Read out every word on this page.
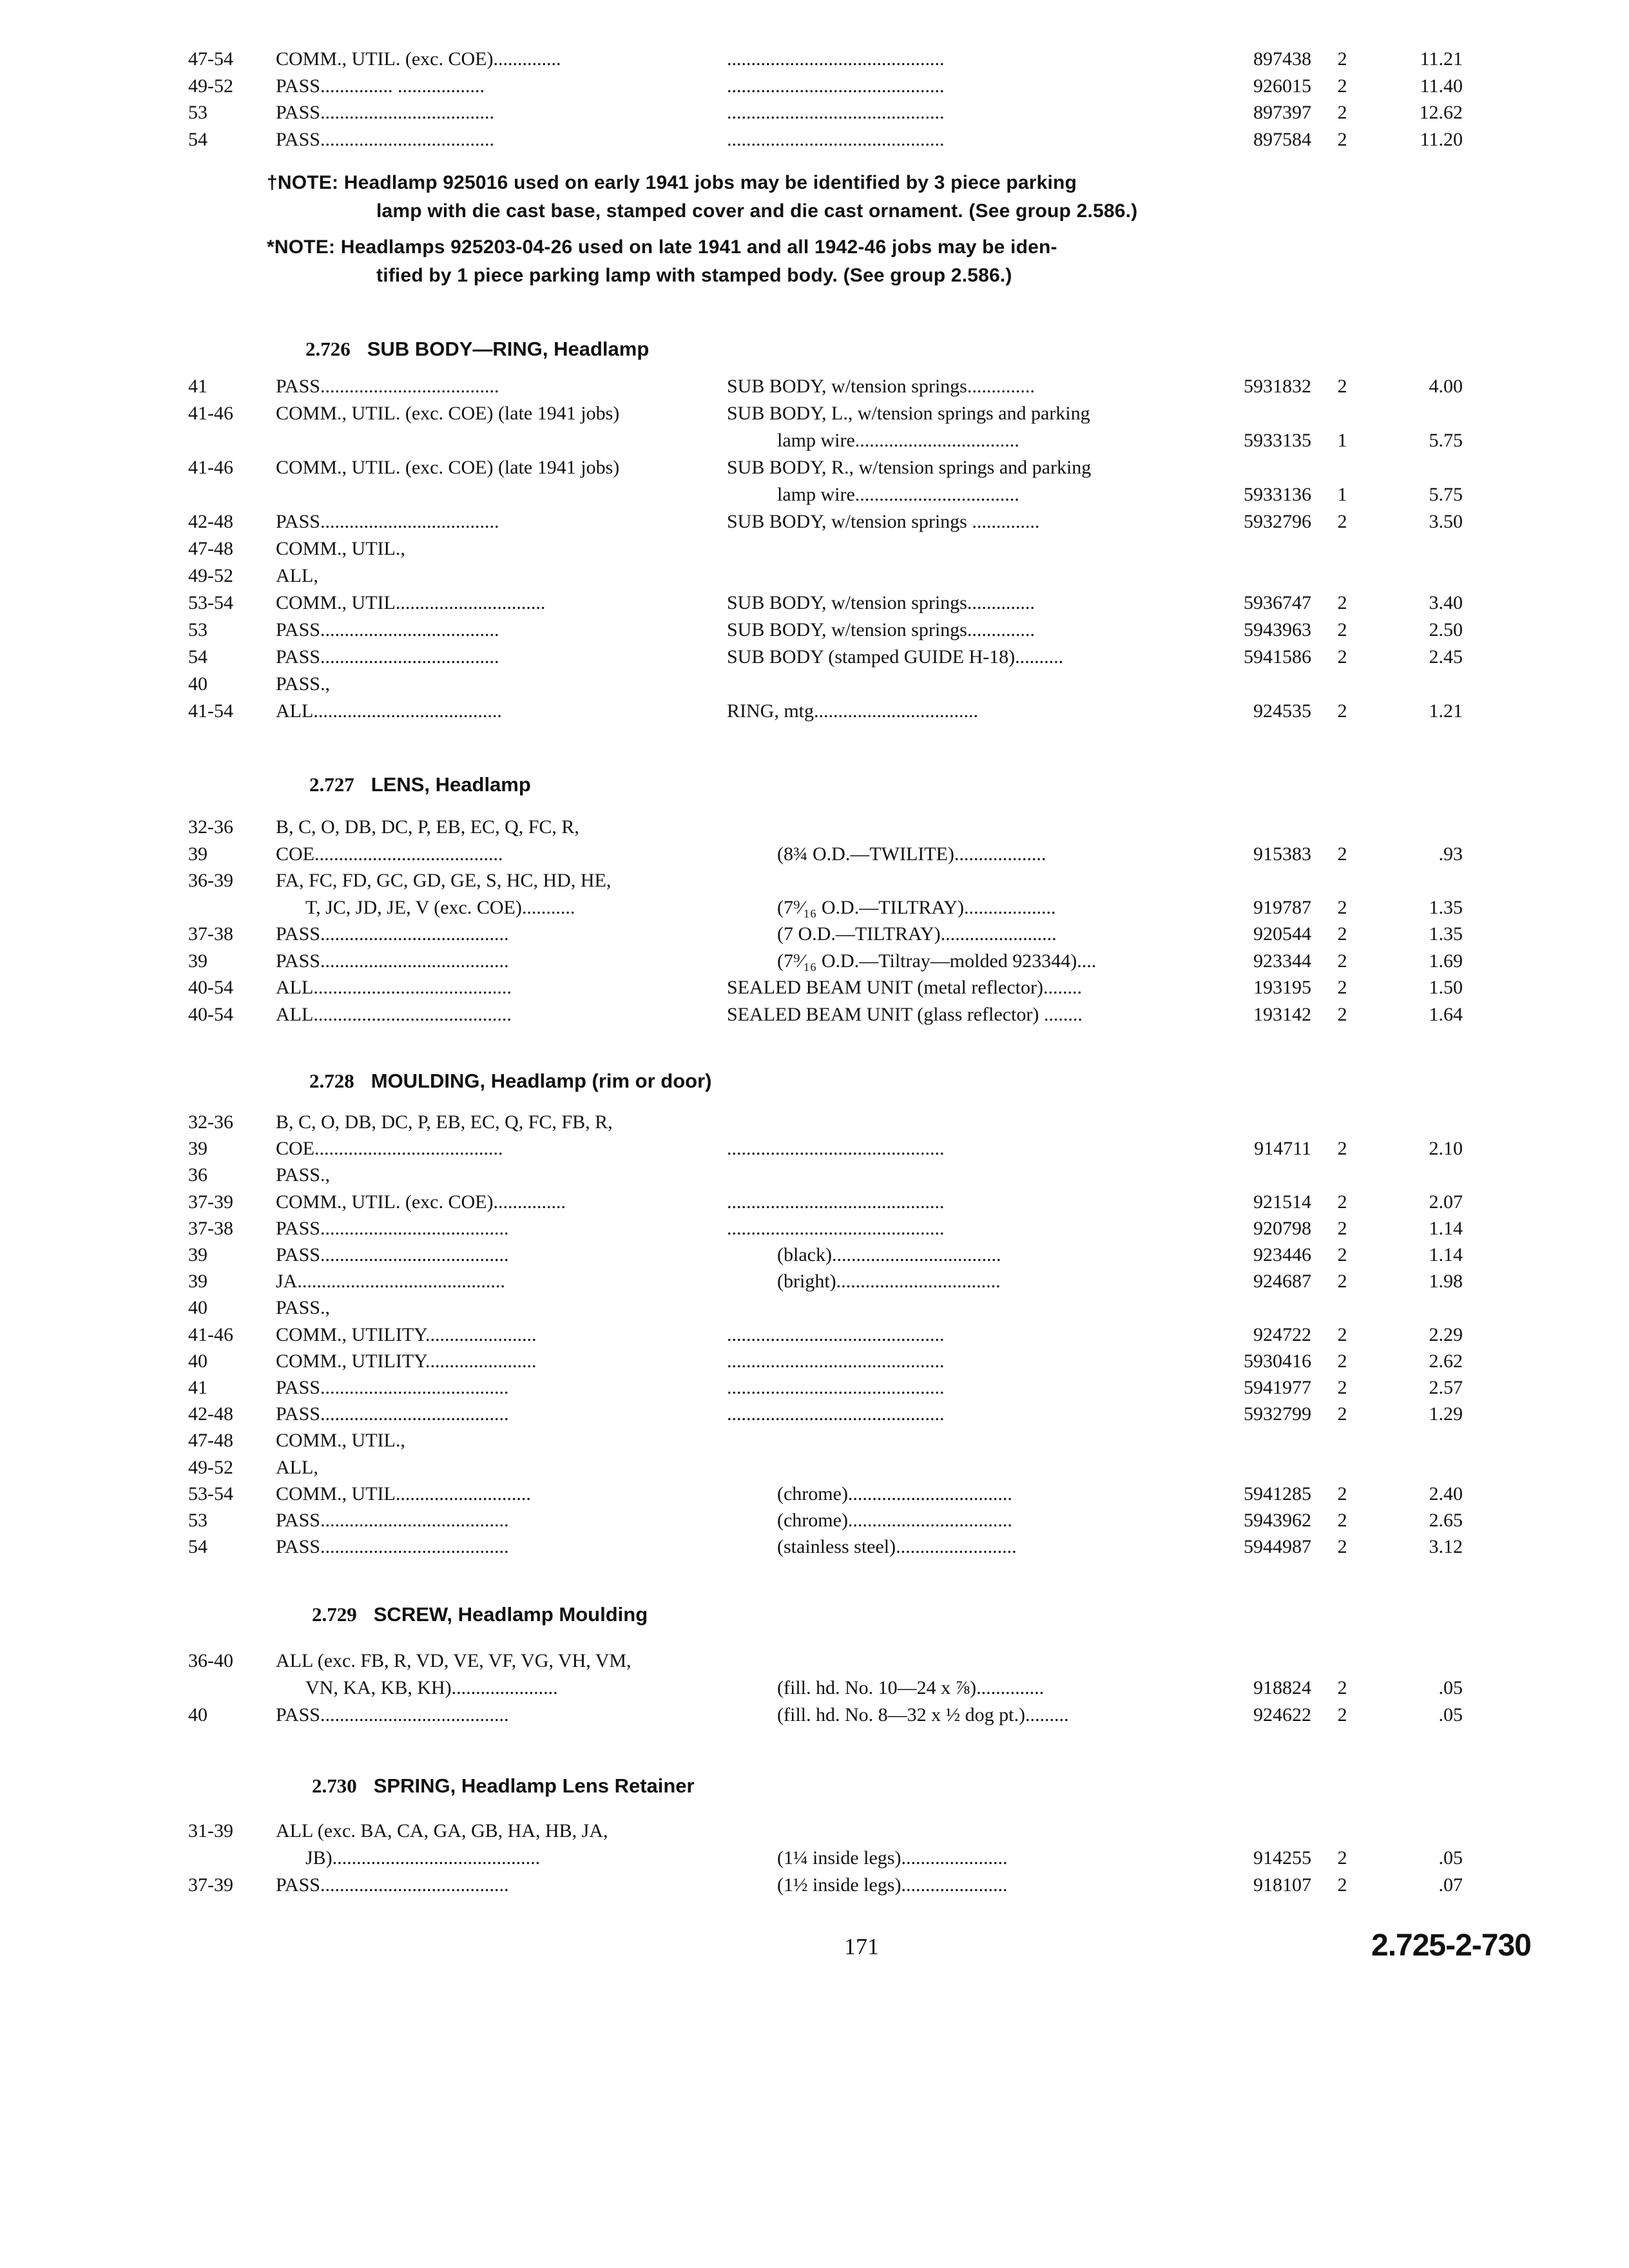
47-54	COMM., UTIL. (exc. COE)..............	.............................................	897438	2	11.21
49-52	PASS............... ..................	.............................................	926015	2	11.40
53	PASS....................................	.............................................	897397	2	12.62
54	PASS....................................	.............................................	897584	2	11.20
†NOTE: Headlamp 925016 used on early 1941 jobs may be identified by 3 piece parking
lamp with die cast base, stamped cover and die cast ornament. (See group 2.586.)
*NOTE: Headlamps 925203-04-26 used on late 1941 and all 1942-46 jobs may be iden-
tified by 1 piece parking lamp with stamped body. (See group 2.586.)
2.726 SUB BODY—RING, Headlamp
41	PASS.....................................	SUB BODY, w/tension springs..............	5931832	2	4.00
41-46	COMM., UTIL. (exc. COE) (late 1941 jobs)	SUB BODY, L., w/tension springs and parking
lamp wire..................................	5933135	1	5.75
41-46	COMM., UTIL. (exc. COE) (late 1941 jobs)	SUB BODY, R., w/tension springs and parking
lamp wire..................................	5933136	1	5.75
42-48	PASS.....................................	SUB BODY, w/tension springs ..............	5932796	2	3.50
47-48	COMM., UTIL.,
49-52	ALL,
53-54	COMM., UTIL...............................	SUB BODY, w/tension springs..............	5936747	2	3.40
53	PASS.....................................	SUB BODY, w/tension springs..............	5943963	2	2.50
54	PASS.....................................	SUB BODY (stamped GUIDE H-18)..........	5941586	2	2.45
40	PASS.,
41-54	ALL.......................................	RING, mtg..................................	924535	2	1.21
2.727 LENS, Headlamp
32-36	B, C, O, DB, DC, P, EB, EC, Q, FC, R,
39	COE.......................................	(8¾ O.D.—TWILITE)...................	915383	2	.93
36-39	FA, FC, FD, GC, GD, GE, S, HC, HD, HE,
T, JC, JD, JE, V (exc. COE)...........	(7⁹⁄₁₆ O.D.—TILTRAY)...................	919787	2	1.35
37-38	PASS.......................................	(7 O.D.—TILTRAY)........................	920544	2	1.35
39	PASS.......................................	(7⁹⁄₁₆ O.D.—Tiltray—molded 923344)....	923344	2	1.69
40-54	ALL.........................................	SEALED BEAM UNIT (metal reflector)........	193195	2	1.50
40-54	ALL.........................................	SEALED BEAM UNIT (glass reflector) ........	193142	2	1.64
2.728 MOULDING, Headlamp (rim or door)
32-36	B, C, O, DB, DC, P, EB, EC, Q, FC, FB, R,
39	COE.......................................	.............................................	914711	2	2.10
36	PASS.,
37-39	COMM., UTIL. (exc. COE)...............	.............................................	921514	2	2.07
37-38	PASS.......................................	.............................................	920798	2	1.14
39	PASS.......................................	(black)...................................	923446	2	1.14
39	JA...........................................	(bright)..................................	924687	2	1.98
40	PASS.,
41-46	COMM., UTILITY.......................	.............................................	924722	2	2.29
40	COMM., UTILITY.......................	.............................................	5930416	2	2.62
41	PASS.......................................	.............................................	5941977	2	2.57
42-48	PASS.......................................	.............................................	5932799	2	1.29
47-48	COMM., UTIL.,
49-52	ALL,
53-54	COMM., UTIL............................	(chrome)..................................	5941285	2	2.40
53	PASS.......................................	(chrome)..................................	5943962	2	2.65
54	PASS.......................................	(stainless steel).........................	5944987	2	3.12
2.729 SCREW, Headlamp Moulding
36-40	ALL (exc. FB, R, VD, VE, VF, VG, VH, VM,
VN, KA, KB, KH)......................	(fill. hd. No. 10—24 x ⅞)..............	918824	2	.05
40	PASS.......................................	(fill. hd. No. 8—32 x ½ dog pt.).........	924622	2	.05
2.730 SPRING, Headlamp Lens Retainer
31-39	ALL (exc. BA, CA, GA, GB, HA, HB, JA,
JB)...........................................	(1¼ inside legs)......................	914255	2	.05
37-39	PASS.......................................	(1½ inside legs)......................	918107	2	.07
171	2.725-2-730
